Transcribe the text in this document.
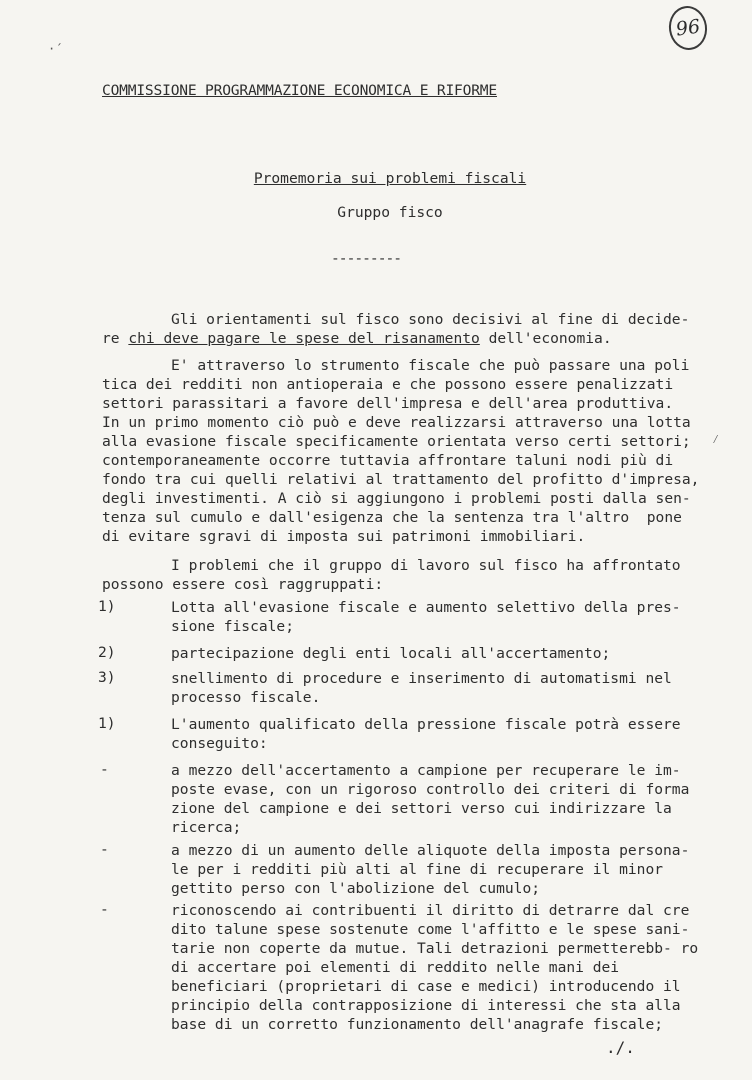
96
·´
⁄
COMMISSIONE PROGRAMMAZIONE ECONOMICA E RIFORME
Promemoria sui problemi fiscali
Gruppo fisco
---------
Gli orientamenti sul fisco sono decisivi al fine di decide-
re chi deve pagare le spese del risanamento dell'economia.
E' attraverso lo strumento fiscale che può passare una poli
tica dei redditi non antioperaia e che possono essere penalizzati
settori parassitari a favore dell'impresa e dell'area produttiva.
In un primo momento ciò può e deve realizzarsi attraverso una lotta
alla evasione fiscale specificamente orientata verso certi settori;
contemporaneamente occorre tuttavia affrontare taluni nodi più di
fondo tra cui quelli relativi al trattamento del profitto d'impresa,
degli investimenti. A ciò si aggiungono i problemi posti dalla sen-
tenza sul cumulo e dall'esigenza che la sentenza tra l'altro  pone
di evitare sgravi di imposta sui patrimoni immobiliari.
I problemi che il gruppo di lavoro sul fisco ha affrontato
possono essere così raggruppati:
1)	Lotta all'evasione fiscale e aumento selettivo della pres- sione fiscale;
2)	partecipazione degli enti locali all'accertamento;
3)	snellimento di procedure e inserimento di automatismi nel processo fiscale.
1)	L'aumento qualificato della pressione fiscale potrà essere conseguito:
-	a mezzo dell'accertamento a campione per recuperare le im- poste evase, con un rigoroso controllo dei criteri di forma zione del campione e dei settori verso cui indirizzare la ricerca;
-	a mezzo di un aumento delle aliquote della imposta persona- le per i redditi più alti al fine di recuperare il minor gettito perso con l'abolizione del cumulo;
-	riconoscendo ai contribuenti il diritto di detrarre dal cre dito talune spese sostenute come l'affitto e le spese sani- tarie non coperte da mutue. Tali detrazioni permetterebb- ro di accertare poi elementi di reddito nelle mani dei beneficiari (proprietari di case e medici) introducendo il principio della contrapposizione di interessi che sta alla base di un corretto funzionamento dell'anagrafe fiscale;
./.
